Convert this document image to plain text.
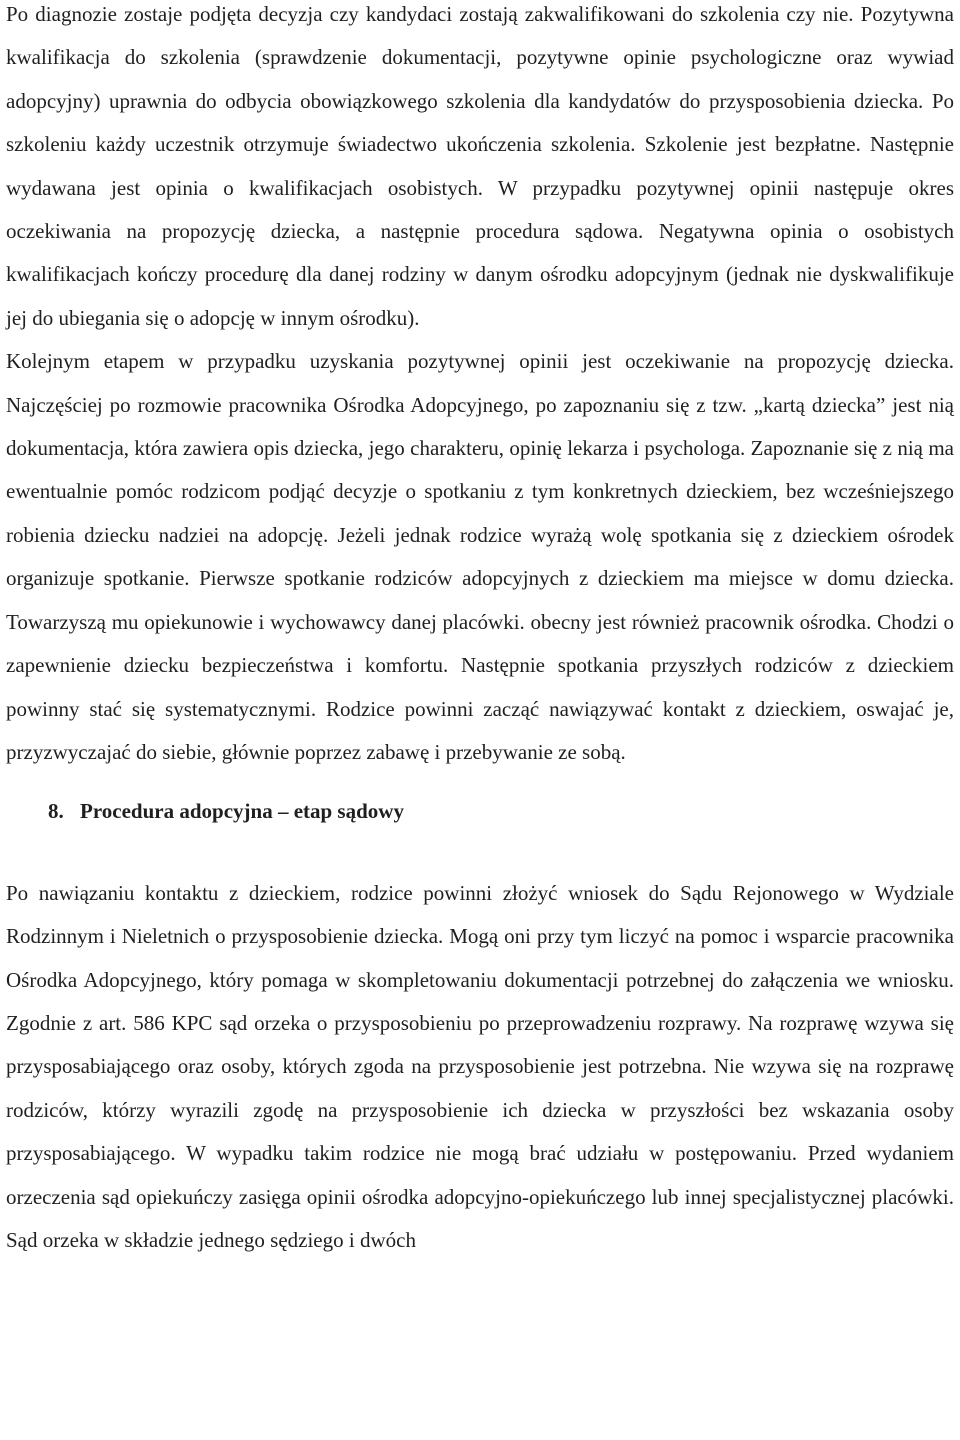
Po diagnozie zostaje podjęta decyzja czy kandydaci zostają zakwalifikowani do szkolenia czy nie. Pozytywna kwalifikacja do szkolenia (sprawdzenie dokumentacji, pozytywne opinie psychologiczne oraz wywiad adopcyjny) uprawnia do odbycia obowiązkowego szkolenia dla kandydatów do przysposobienia dziecka. Po szkoleniu każdy uczestnik otrzymuje świadectwo ukończenia szkolenia. Szkolenie jest bezpłatne. Następnie wydawana jest opinia o kwalifikacjach osobistych. W przypadku pozytywnej opinii następuje okres oczekiwania na propozycję dziecka, a następnie procedura sądowa. Negatywna opinia o osobistych kwalifikacjach kończy procedurę dla danej rodziny w danym ośrodku adopcyjnym (jednak nie dyskwalifikuje jej do ubiegania się o adopcję w innym ośrodku).

Kolejnym etapem w przypadku uzyskania pozytywnej opinii jest oczekiwanie na propozycję dziecka. Najczęściej po rozmowie pracownika Ośrodka Adopcyjnego, po zapoznaniu się z tzw. „kartą dziecka” jest nią dokumentacja, która zawiera opis dziecka, jego charakteru, opinię lekarza i psychologa. Zapoznanie się z nią ma ewentualnie pomóc rodzicom podjąć decyzje o spotkaniu z tym konkretnych dzieckiem, bez wcześniejszego robienia dziecku nadziei na adopcję. Jeżeli jednak rodzice wyrażą wolę spotkania się z dzieckiem ośrodek organizuje spotkanie. Pierwsze spotkanie rodziców adopcyjnych z dzieckiem ma miejsce w domu dziecka. Towarzyszą mu opiekunowie i wychowawcy danej placówki. obecny jest również pracownik ośrodka. Chodzi o zapewnienie dziecku bezpieczeństwa i komfortu. Następnie spotkania przyszłych rodziców z dzieckiem powinny stać się systematycznymi. Rodzice powinni zacząć nawiązywać kontakt z dzieckiem, oswajać je, przyzwyczajać do siebie, głównie poprzez zabawę i przebywanie ze sobą.

8. Procedura adopcyjna – etap sądowy

Po nawiązaniu kontaktu z dzieckiem, rodzice powinni złożyć wniosek do Sądu Rejonowego w Wydziale Rodzinnym i Nieletnich o przysposobienie dziecka. Mogą oni przy tym liczyć na pomoc i wsparcie pracownika Ośrodka Adopcyjnego, który pomaga w skompletowaniu dokumentacji potrzebnej do załączenia we wniosku. Zgodnie z art. 586 KPC sąd orzeka o przysposobieniu po przeprowadzeniu rozprawy. Na rozprawę wzywa się przysposabiającego oraz osoby, których zgoda na przysposobienie jest potrzebna. Nie wzywa się na rozprawę rodziców, którzy wyrazili zgodę na przysposobienie ich dziecka w przyszłości bez wskazania osoby przysposabiającego. W wypadku takim rodzice nie mogą brać udziału w postępowaniu. Przed wydaniem orzeczenia sąd opiekuńczy zasięga opinii ośrodka adopcyjno-opiekuńczego lub innej specjalistycznej placówki. Sąd orzeka w składzie jednego sędziego i dwóch
